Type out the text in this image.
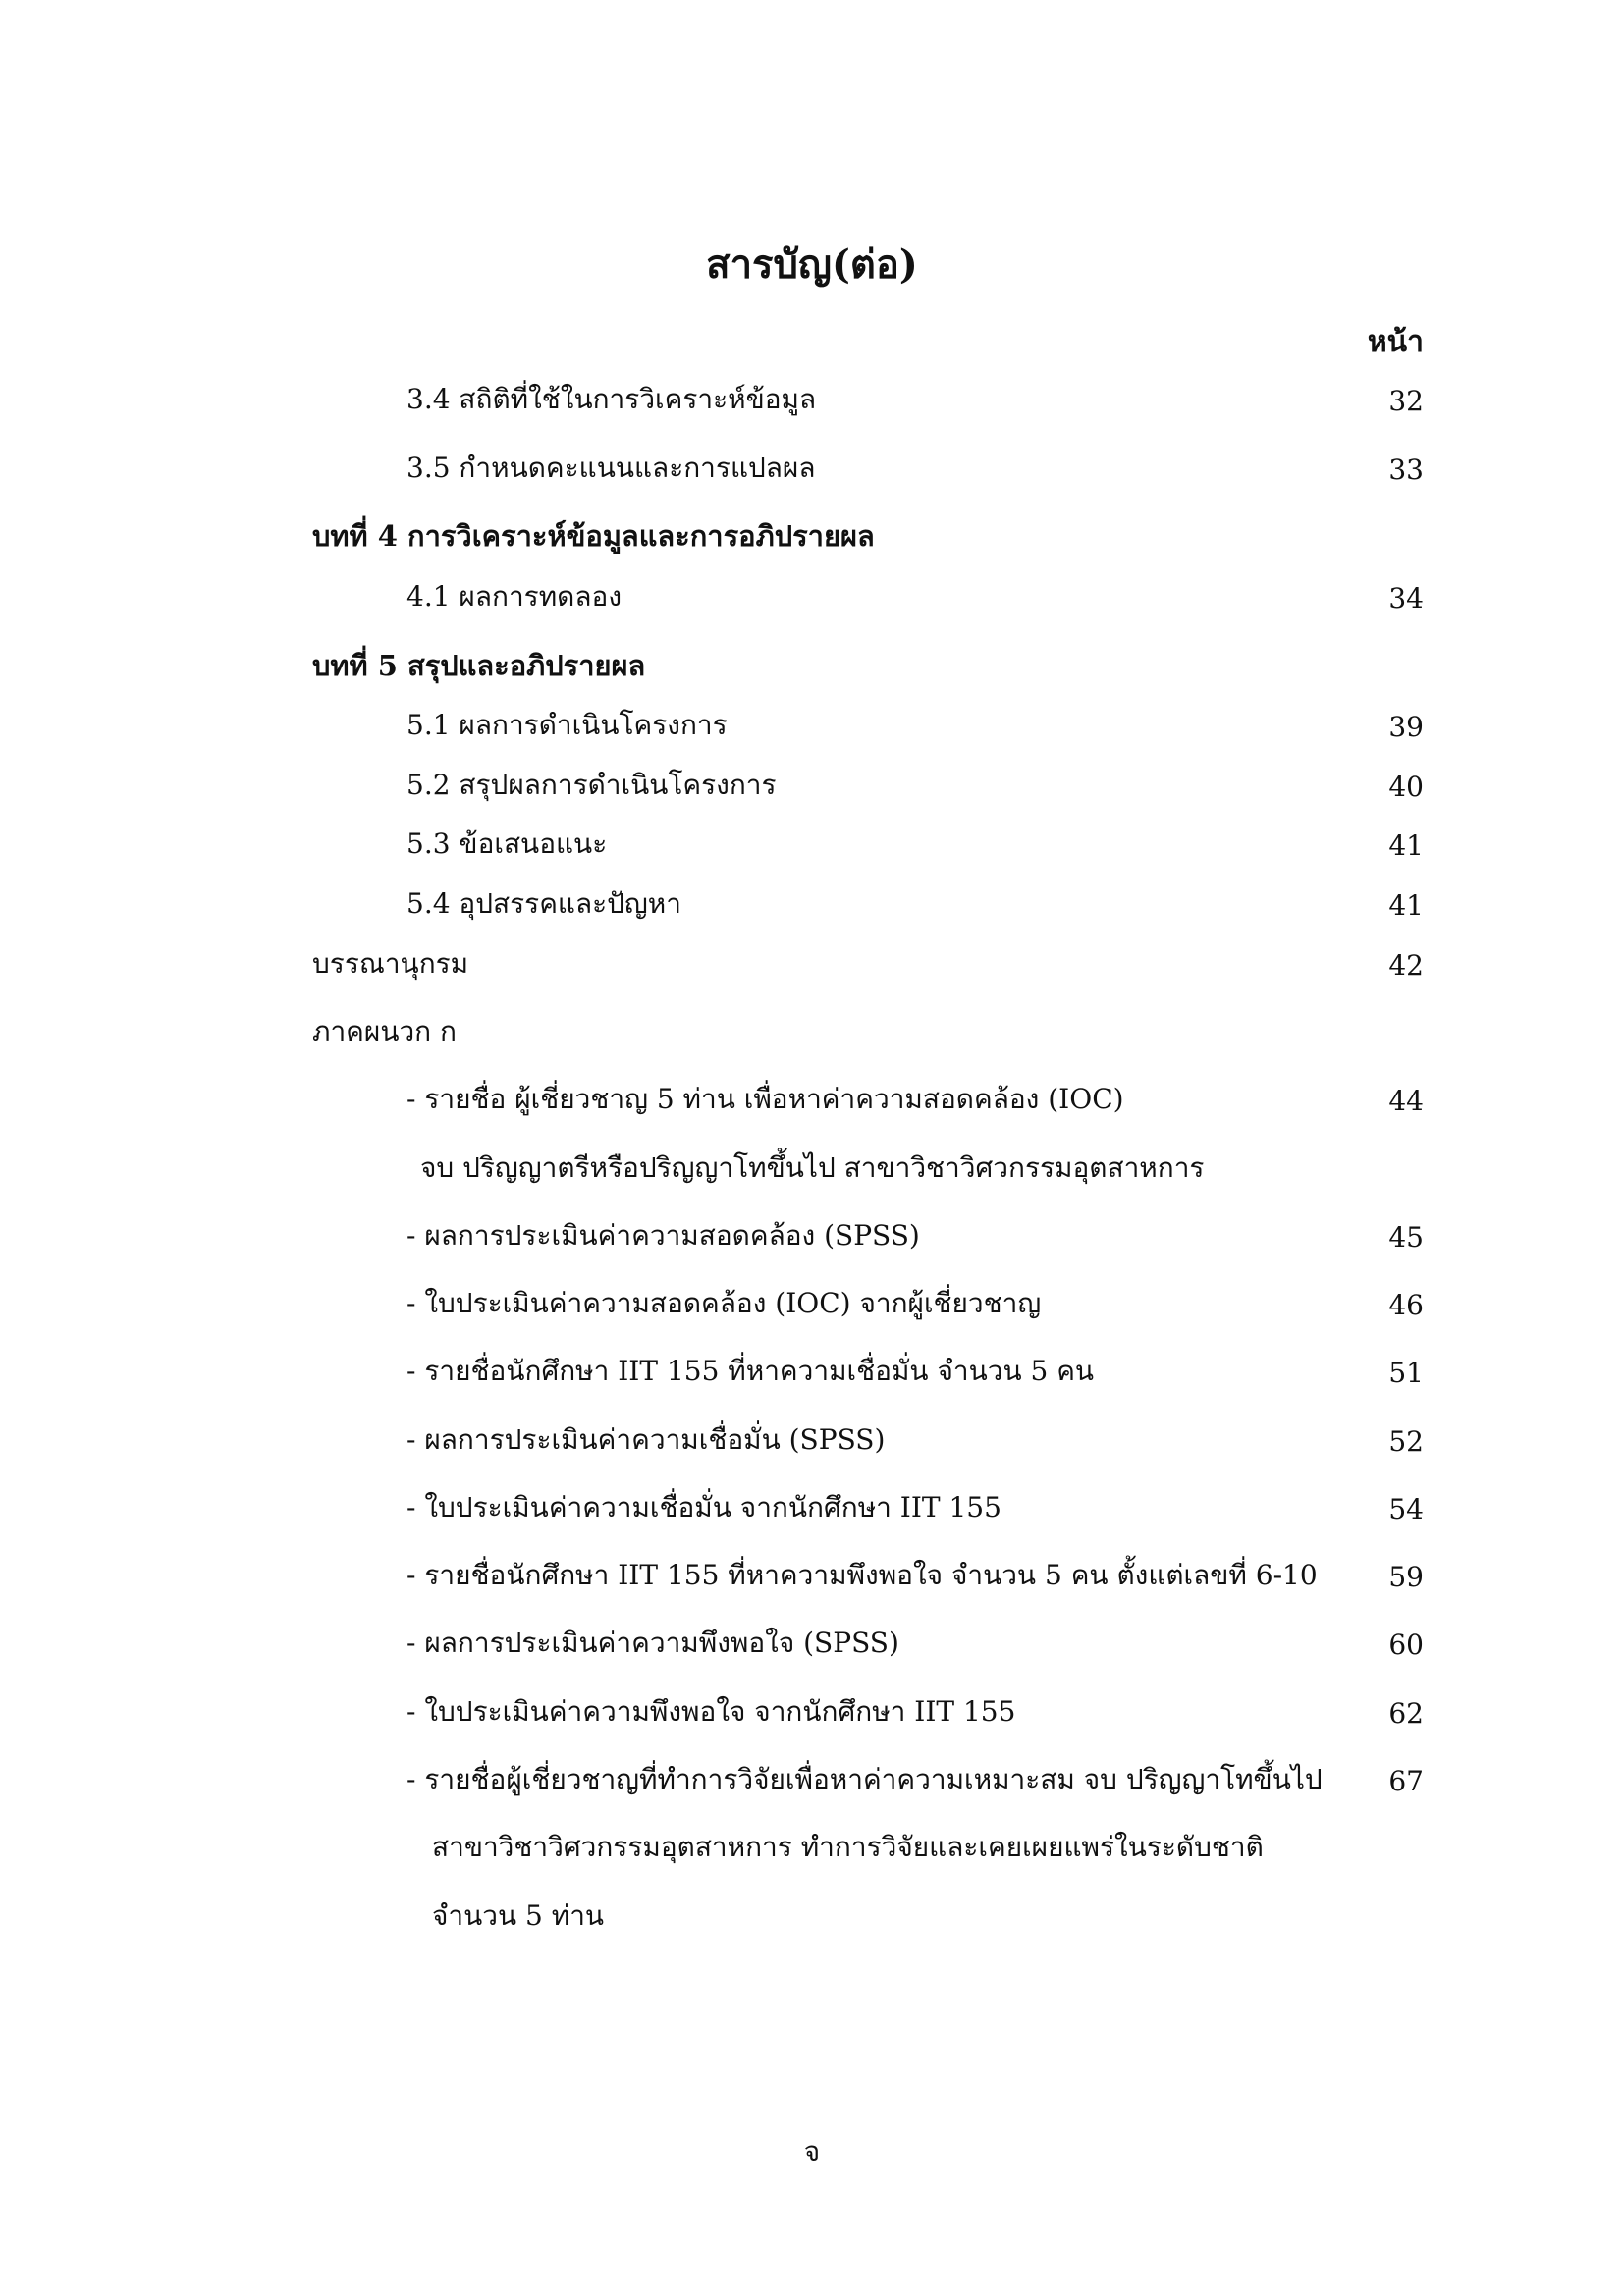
สารบัญ(ต่อ)
หน้า
3.4 สถิติที่ใช้ในการวิเคราะห์ข้อมูล	32
3.5 กำหนดคะแนนและการแปลผล	33
บทที่ 4 การวิเคราะห์ข้อมูลและการอภิปรายผล
4.1 ผลการทดลอง	34
บทที่ 5 สรุปและอภิปรายผล
5.1 ผลการดำเนินโครงการ	39
5.2 สรุปผลการดำเนินโครงการ	40
5.3 ข้อเสนอแนะ	41
5.4 อุปสรรคและปัญหา	41
บรรณานุกรม	42
ภาคผนวก ก
- รายชื่อ ผู้เชี่ยวชาญ 5 ท่าน เพื่อหาค่าความสอดคล้อง (IOC)	44
จบ ปริญญาตรีหรือปริญญาโทขึ้นไป สาขาวิชาวิศวกรรมอุตสาหการ
- ผลการประเมินค่าความสอดคล้อง (SPSS)	45
- ใบประเมินค่าความสอดคล้อง (IOC) จากผู้เชี่ยวชาญ	46
- รายชื่อนักศึกษา IIT 155 ที่หาความเชื่อมั่น จำนวน 5 คน	51
- ผลการประเมินค่าความเชื่อมั่น (SPSS)	52
- ใบประเมินค่าความเชื่อมั่น จากนักศึกษา IIT 155	54
- รายชื่อนักศึกษา IIT 155 ที่หาความพึงพอใจ จำนวน 5 คน ตั้งแต่เลขที่ 6-10	59
- ผลการประเมินค่าความพึงพอใจ (SPSS)	60
- ใบประเมินค่าความพึงพอใจ จากนักศึกษา IIT 155	62
- รายชื่อผู้เชี่ยวชาญที่ทำการวิจัยเพื่อหาค่าความเหมาะสม จบ ปริญญาโทขึ้นไป 67
สาขาวิชาวิศวกรรมอุตสาหการ ทำการวิจัยและเคยเผยแพร่ในระดับชาติ
จำนวน 5 ท่าน
จ
